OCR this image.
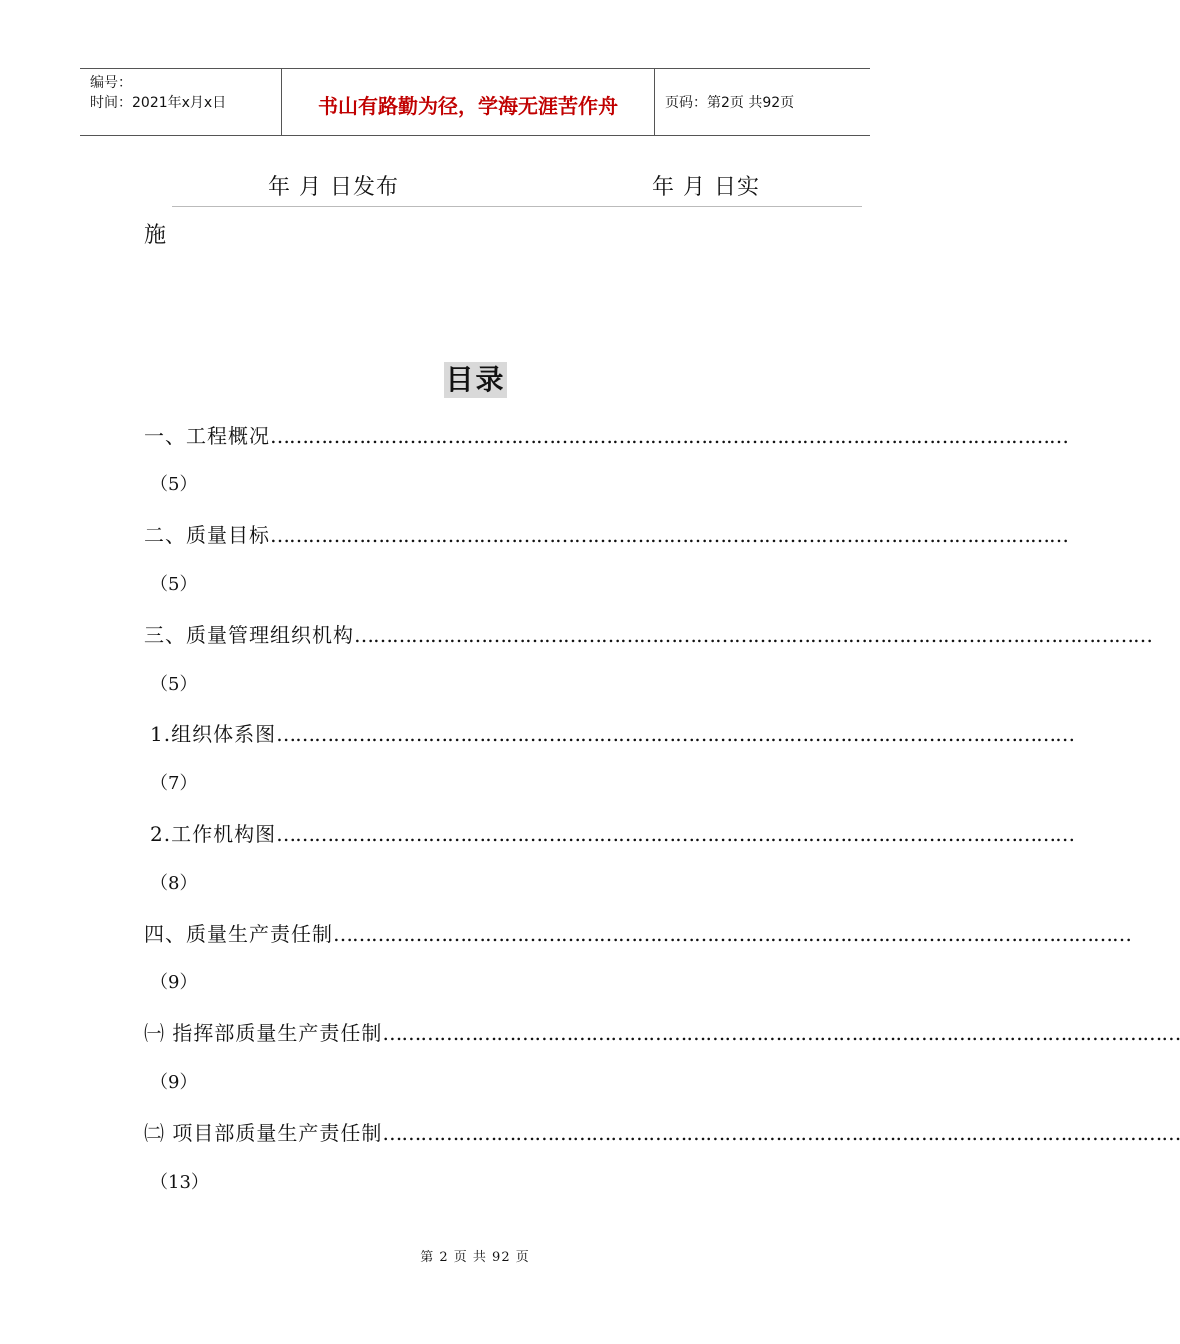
编号：
时间：2021年x月x日	书山有路勤为径，学海无涯苦作舟	页码：第2页 共92页
年 月 日发布	年 月 日实
施
目录
一、工程概况………………………………………………………………………………………………………………
（5）
二、质量目标………………………………………………………………………………………………………………
（5）
三、质量管理组织机构………………………………………………………………………………………………………………
（5）
1.组织体系图………………………………………………………………………………………………………………
（7）
2.工作机构图………………………………………………………………………………………………………………
（8）
四、质量生产责任制………………………………………………………………………………………………………………
（9）
㈠ 指挥部质量生产责任制………………………………………………………………………………………………………………
（9）
㈡ 项目部质量生产责任制………………………………………………………………………………………………………………
（13）
第 2 页 共 92 页
